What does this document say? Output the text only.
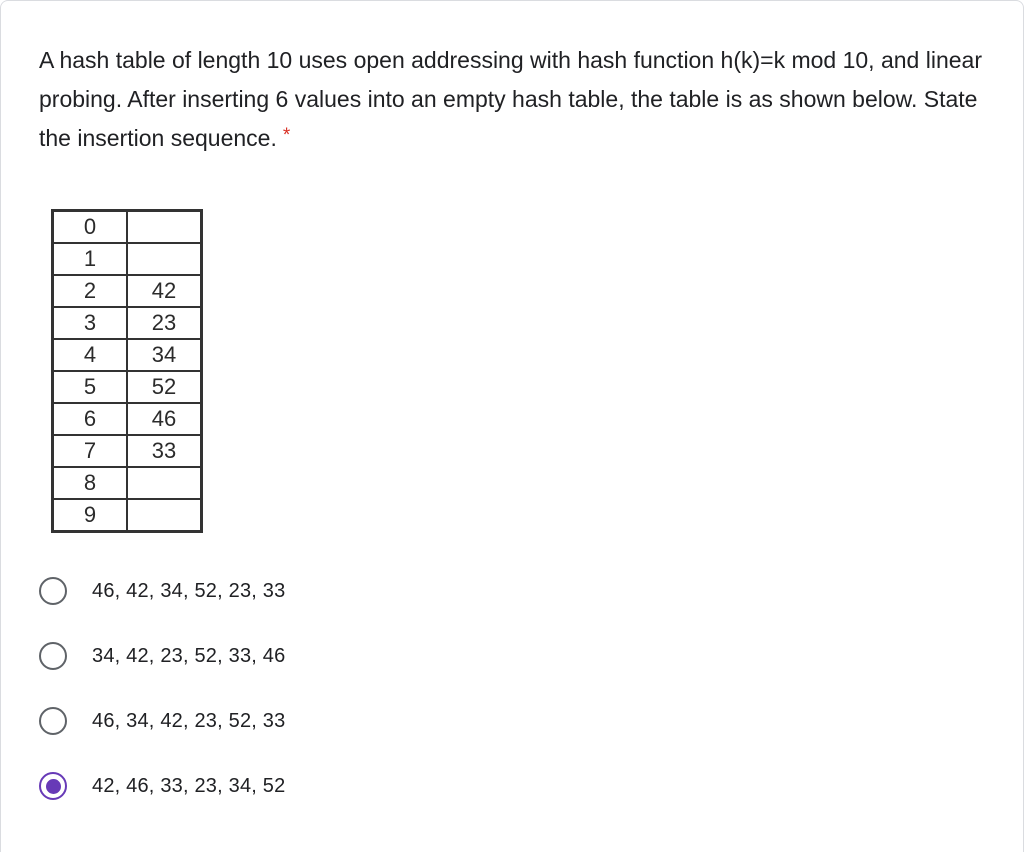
A hash table of length 10 uses open addressing with hash function h(k)=k mod 10, and linear probing. After inserting 6 values into an empty hash table, the table is as shown below. State the insertion sequence. *
0	
1	
2	42
3	23
4	34
5	52
6	46
7	33
8	
9	
46, 42, 34, 52, 23, 33
34, 42, 23, 52, 33, 46
46, 34, 42, 23, 52, 33
42, 46, 33, 23, 34, 52
